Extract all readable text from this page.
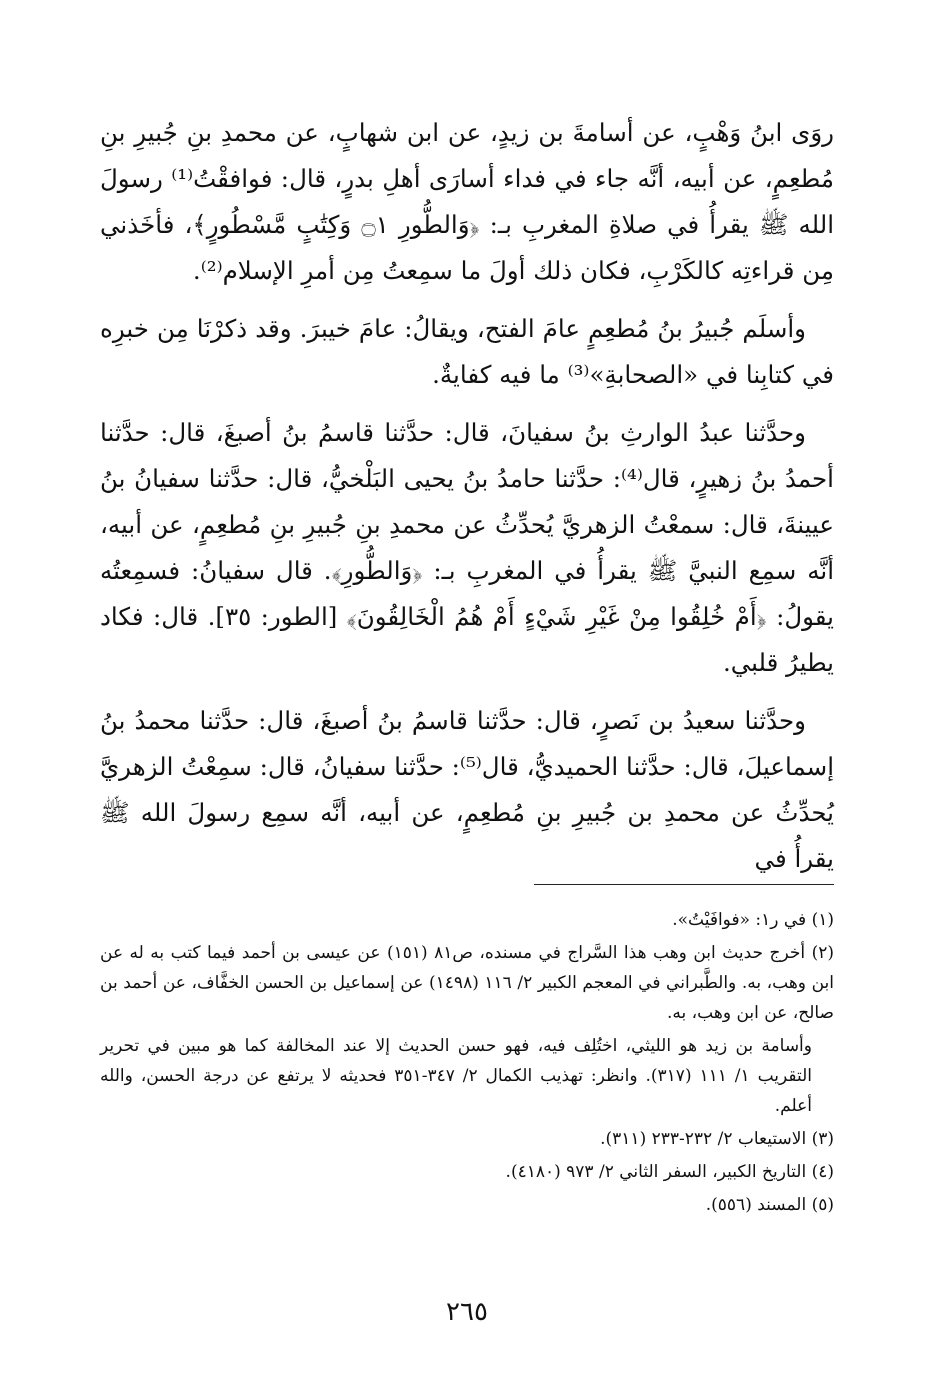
روَى ابنُ وَهْبٍ، عن أسامةَ بن زيدٍ، عن ابن شهابٍ، عن محمدِ بنِ جُبيرِ بنِ مُطعِمٍ، عن أبيه، أنَّه جاء في فداء أسارَى أهلِ بدرٍ، قال: فوافقْتُ⁽¹⁾ رسولَ الله ﷺ يقرأُ في صلاةِ المغربِ بـ: ﴿وَالطُّورِ ۝١ وَكِتَٰبٍ مَّسْطُورٍ﴾، فأخَذني مِن قراءتِه كالكَرْبِ، فكان ذلك أولَ ما سمِعتُ مِن أمرِ الإسلام⁽²⁾.

وأسلَم جُبيرُ بنُ مُطعِمٍ عامَ الفتح، ويقالُ: عامَ خيبرَ. وقد ذكرْنَا مِن خبرِه في كتابِنا في «الصحابةِ»⁽³⁾ ما فيه كفايةٌ.

وحدَّثنا عبدُ الوارثِ بنُ سفيانَ، قال: حدَّثنا قاسمُ بنُ أصبغَ، قال: حدَّثنا أحمدُ بنُ زهيرٍ، قال⁽⁴⁾: حدَّثنا حامدُ بنُ يحيى البَلْخيُّ، قال: حدَّثنا سفيانُ بنُ عيينةَ، قال: سمعْتُ الزهريَّ يُحدِّثُ عن محمدِ بنِ جُبيرِ بنِ مُطعِمٍ، عن أبيه، أنَّه سمِع النبيَّ ﷺ يقرأُ في المغربِ بـ: ﴿وَالطُّورِ﴾. قال سفيانُ: فسمِعتُه يقولُ: ﴿أَمْ خُلِقُوا مِنْ غَيْرِ شَيْءٍ أَمْ هُمُ الْخَالِقُونَ﴾ [الطور: ٣٥]. قال: فكاد يطيرُ قلبي.

وحدَّثنا سعيدُ بن نَصرٍ، قال: حدَّثنا قاسمُ بنُ أصبغَ، قال: حدَّثنا محمدُ بنُ إسماعيلَ، قال: حدَّثنا الحميديُّ، قال⁽⁵⁾: حدَّثنا سفيانُ، قال: سمِعْتُ الزهريَّ يُحدِّثُ عن محمدِ بن جُبيرِ بنِ مُطعِمٍ، عن أبيه، أنَّه سمِع رسولَ الله ﷺ يقرأُ في

(١) في ر١: «فوافَيْتُ».

(٢) أخرج حديث ابن وهب هذا السَّراج في مسنده، ص٨١ (١٥١) عن عيسى بن أحمد فيما كتب به له عن ابن وهب، به. والطَّبراني في المعجم الكبير ٢/ ١١٦ (١٤٩٨) عن إسماعيل بن الحسن الخفَّاف، عن أحمد بن صالح، عن ابن وهب، به.

وأسامة بن زيد هو الليثي، اختُلِف فيه، فهو حسن الحديث إلا عند المخالفة كما هو مبين في تحرير التقريب ١/ ١١١ (٣١٧). وانظر: تهذيب الكمال ٢/ ٣٤٧-٣٥١ فحديثه لا يرتفع عن درجة الحسن، والله أعلم.

(٣) الاستيعاب ٢/ ٢٣٢-٢٣٣ (٣١١).

(٤) التاريخ الكبير، السفر الثاني ٢/ ٩٧٣ (٤١٨٠).

(٥) المسند (٥٥٦).

٢٦٥
